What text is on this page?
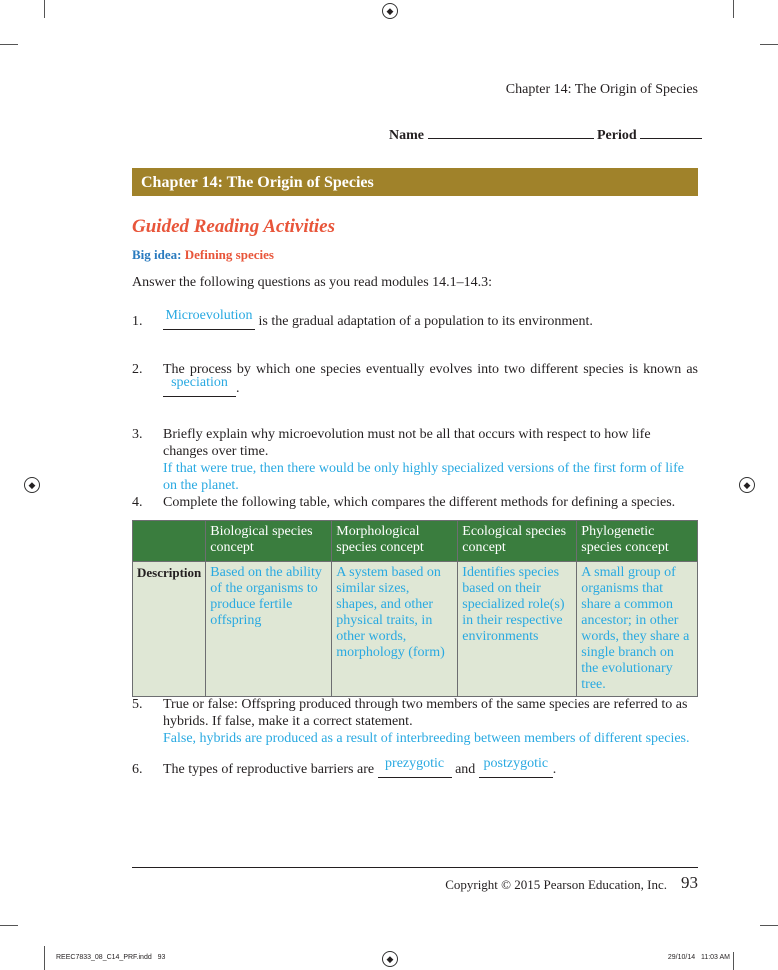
◆
◆	◆
◆
Chapter 14: The Origin of Species
Name	Period
Chapter 14: The Origin of Species
Guided Reading Activities
Big idea: Defining species
Answer the following questions as you read modules 14.1–14.3:
1. Microevolution is the gradual adaptation of a population to its environment.
2. The process by which one species eventually evolves into two different species is known as
speciation .
3. Briefly explain why microevolution must not be all that occurs with respect to how life changes over time.
If that were true, then there would be only highly specialized versions of the first form of life on the planet.
4. Complete the following table, which compares the different methods for defining a species.
	Biological species concept	Morphological species concept	Ecological species concept	Phylogenetic species concept
Description	Based on the ability of the organisms to produce fertile offspring	A system based on similar sizes, shapes, and other physical traits, in other words, morphology (form)	Identifies species based on their specialized role(s) in their respective environments	A small group of organisms that share a common ancestor; in other words, they share a single branch on the evolutionary tree.
5. True or false: Offspring produced through two members of the same species are referred to as hybrids. If false, make it a correct statement.
False, hybrids are produced as a result of interbreeding between members of different species.
6. The types of reproductive barriers are prezygotic and postzygotic .
Copyright © 2015 Pearson Education, Inc. 93
REEC7833_08_C14_PRF.indd   93	29/10/14   11:03 AM
